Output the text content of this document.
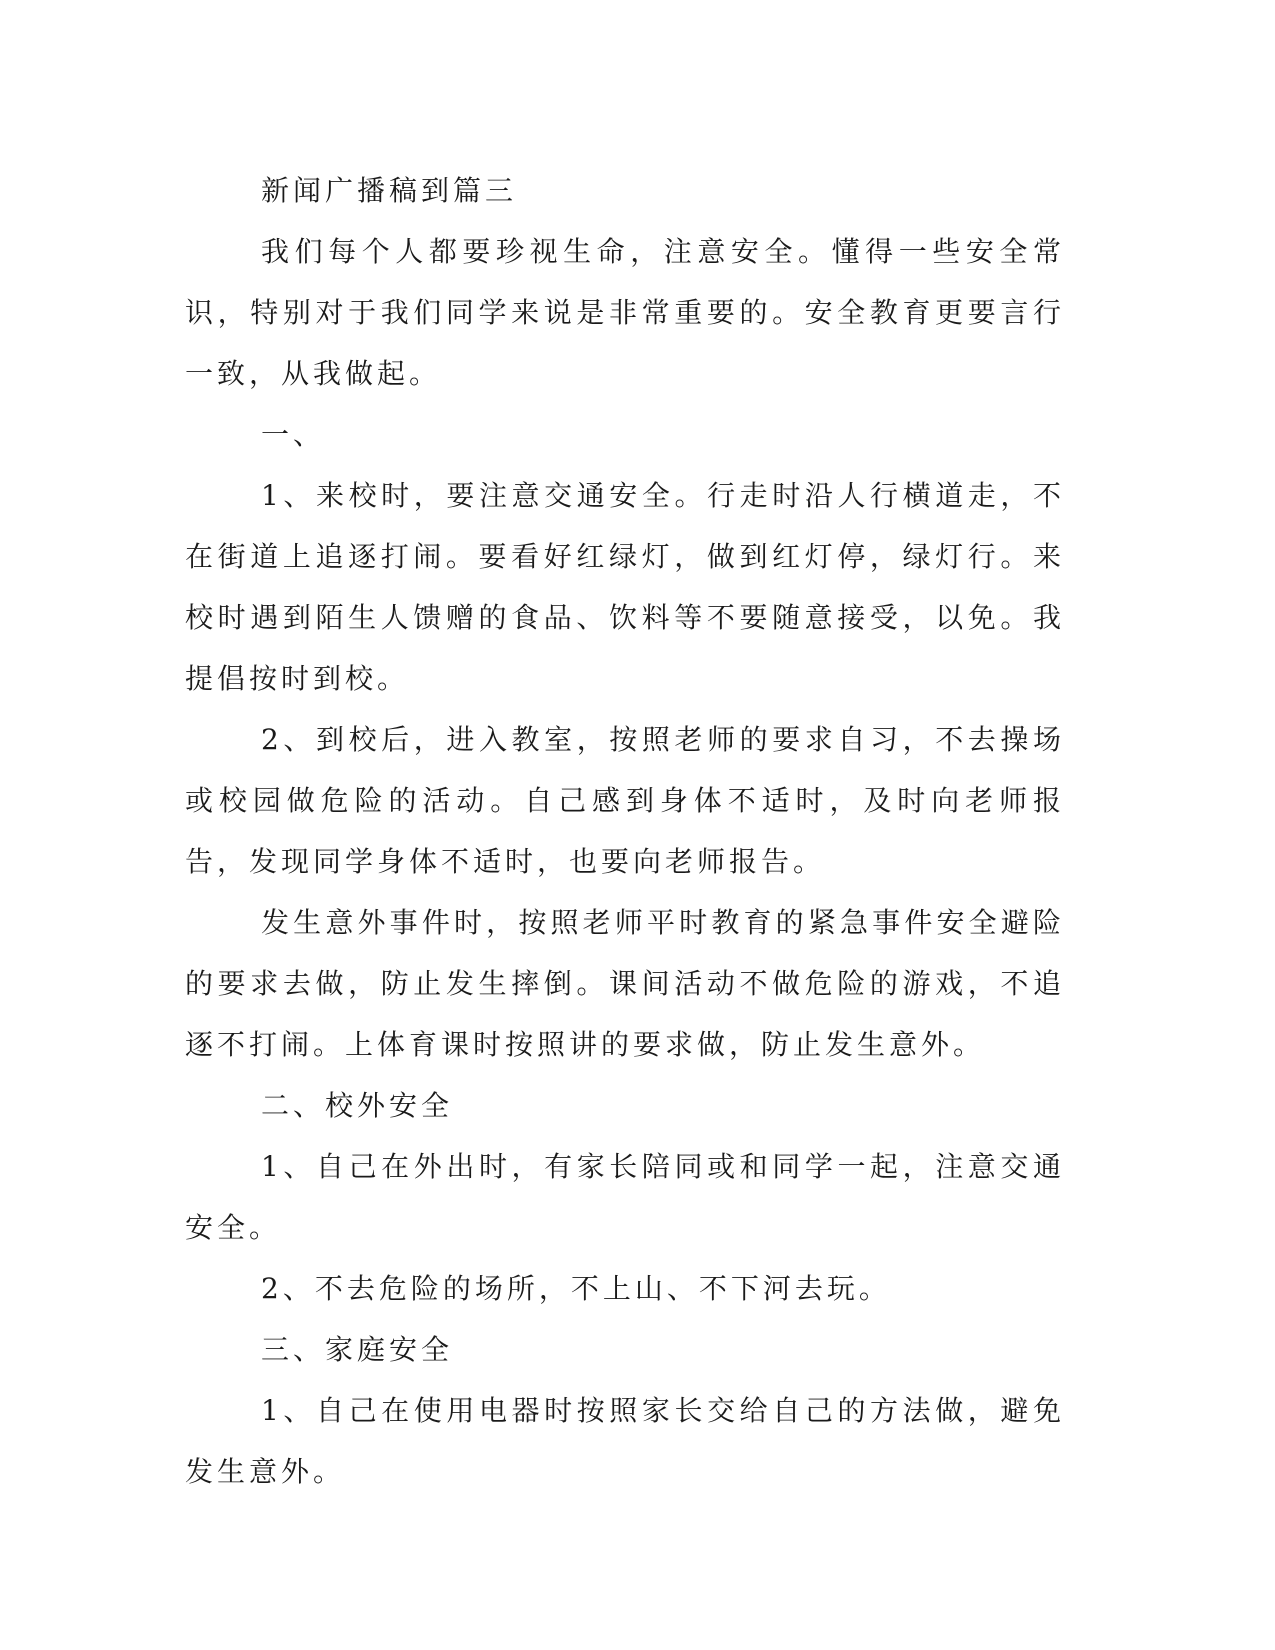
新闻广播稿到篇三

我们每个人都要珍视生命，注意安全。懂得一些安全常识，特别对于我们同学来说是非常重要的。安全教育更要言行一致，从我做起。

一、

1、来校时，要注意交通安全。行走时沿人行横道走，不在街道上追逐打闹。要看好红绿灯，做到红灯停，绿灯行。来校时遇到陌生人馈赠的食品、饮料等不要随意接受，以免。我提倡按时到校。

2、到校后，进入教室，按照老师的要求自习，不去操场或校园做危险的活动。自己感到身体不适时，及时向老师报告，发现同学身体不适时，也要向老师报告。

发生意外事件时，按照老师平时教育的紧急事件安全避险的要求去做，防止发生摔倒。课间活动不做危险的游戏，不追逐不打闹。上体育课时按照讲的要求做，防止发生意外。

二、校外安全

1、自己在外出时，有家长陪同或和同学一起，注意交通安全。

2、不去危险的场所，不上山、不下河去玩。

三、家庭安全

1、自己在使用电器时按照家长交给自己的方法做，避免发生意外。
